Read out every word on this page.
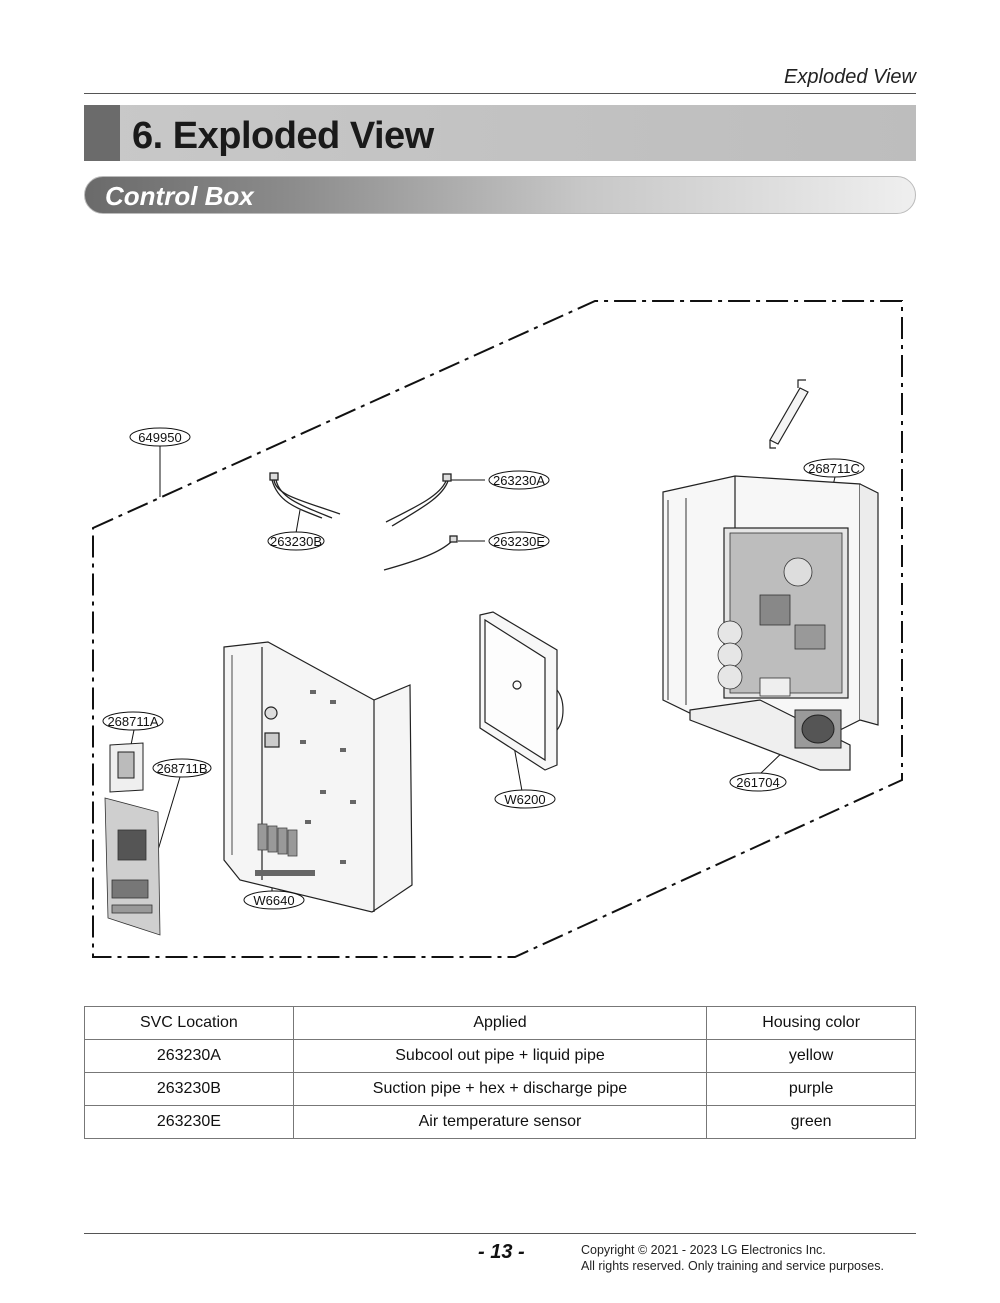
Exploded View
6. Exploded View
Control Box
649950
263230B
263230A
263230E
268711C
268711A
268711B
W6200
261704
W6640
SVC Location	Applied	Housing color
263230A	Subcool out pipe + liquid pipe	yellow
263230B	Suction pipe + hex + discharge pipe	purple
263230E	Air temperature sensor	green
- 13 -	Copyright © 2021 - 2023 LG Electronics Inc.
All rights reserved. Only training and service purposes.
